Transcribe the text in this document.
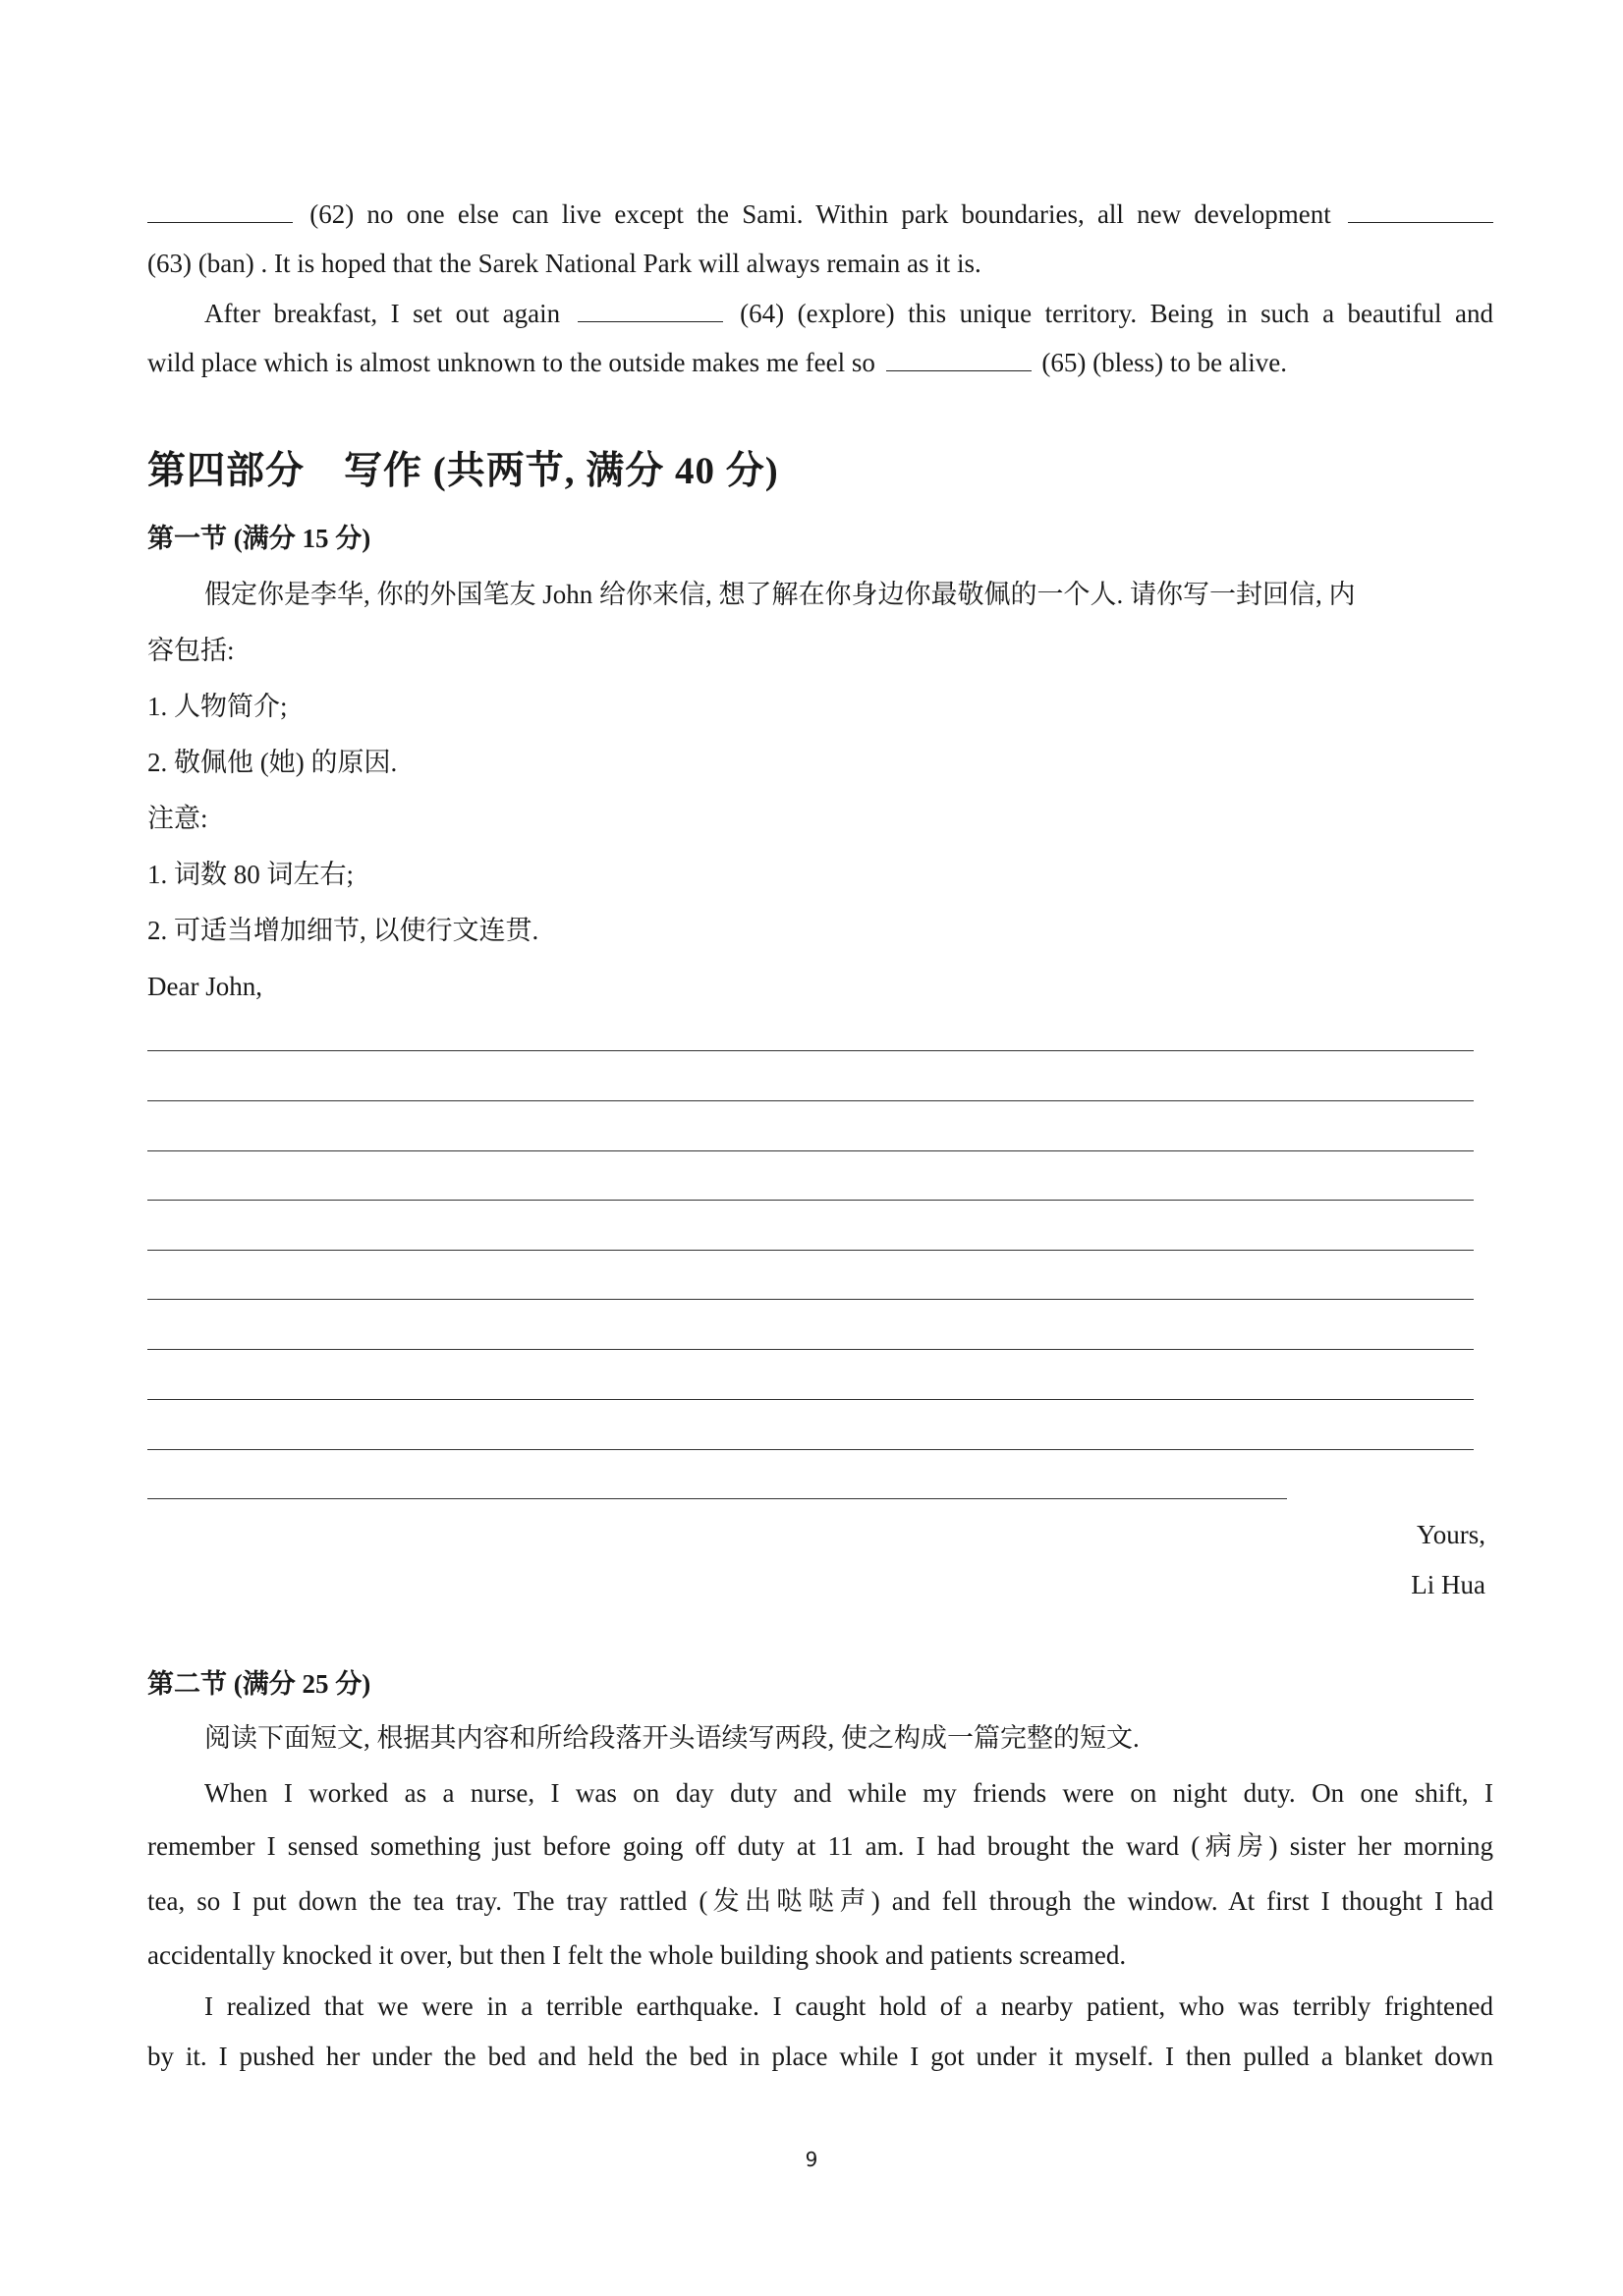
(62) no one else can live except the Sami. Within park boundaries, all new development
(63) (ban) . It is hoped that the Sarek National Park will always remain as it is.
After breakfast, I set out again	(64) (explore) this unique territory. Being in such a beautiful and
wild place which is almost unknown to the outside makes me feel so	(65) (bless) to be alive.
第四部分　写作 (共两节, 满分 40 分)
第一节 (满分 15 分)
假定你是李华, 你的外国笔友 John 给你来信, 想了解在你身边你最敬佩的一个人. 请你写一封回信, 内
容包括:
1. 人物简介;
2. 敬佩他 (她) 的原因.
注意:
1. 词数 80 词左右;
2. 可适当增加细节, 以使行文连贯.
Dear John,
Yours,
Li Hua
第二节 (满分 25 分)
阅读下面短文, 根据其内容和所给段落开头语续写两段, 使之构成一篇完整的短文.
When I worked as a nurse, I was on day duty and while my friends were on night duty. On one shift, I
remember I sensed something just before going off duty at 11 am. I had brought the ward (病房) sister her morning
tea, so I put down the tea tray. The tray rattled (发出哒哒声) and fell through the window. At first I thought I had
accidentally knocked it over, but then I felt the whole building shook and patients screamed.
I realized that we were in a terrible earthquake. I caught hold of a nearby patient, who was terribly frightened
by it. I pushed her under the bed and held the bed in place while I got under it myself. I then pulled a blanket down
9
